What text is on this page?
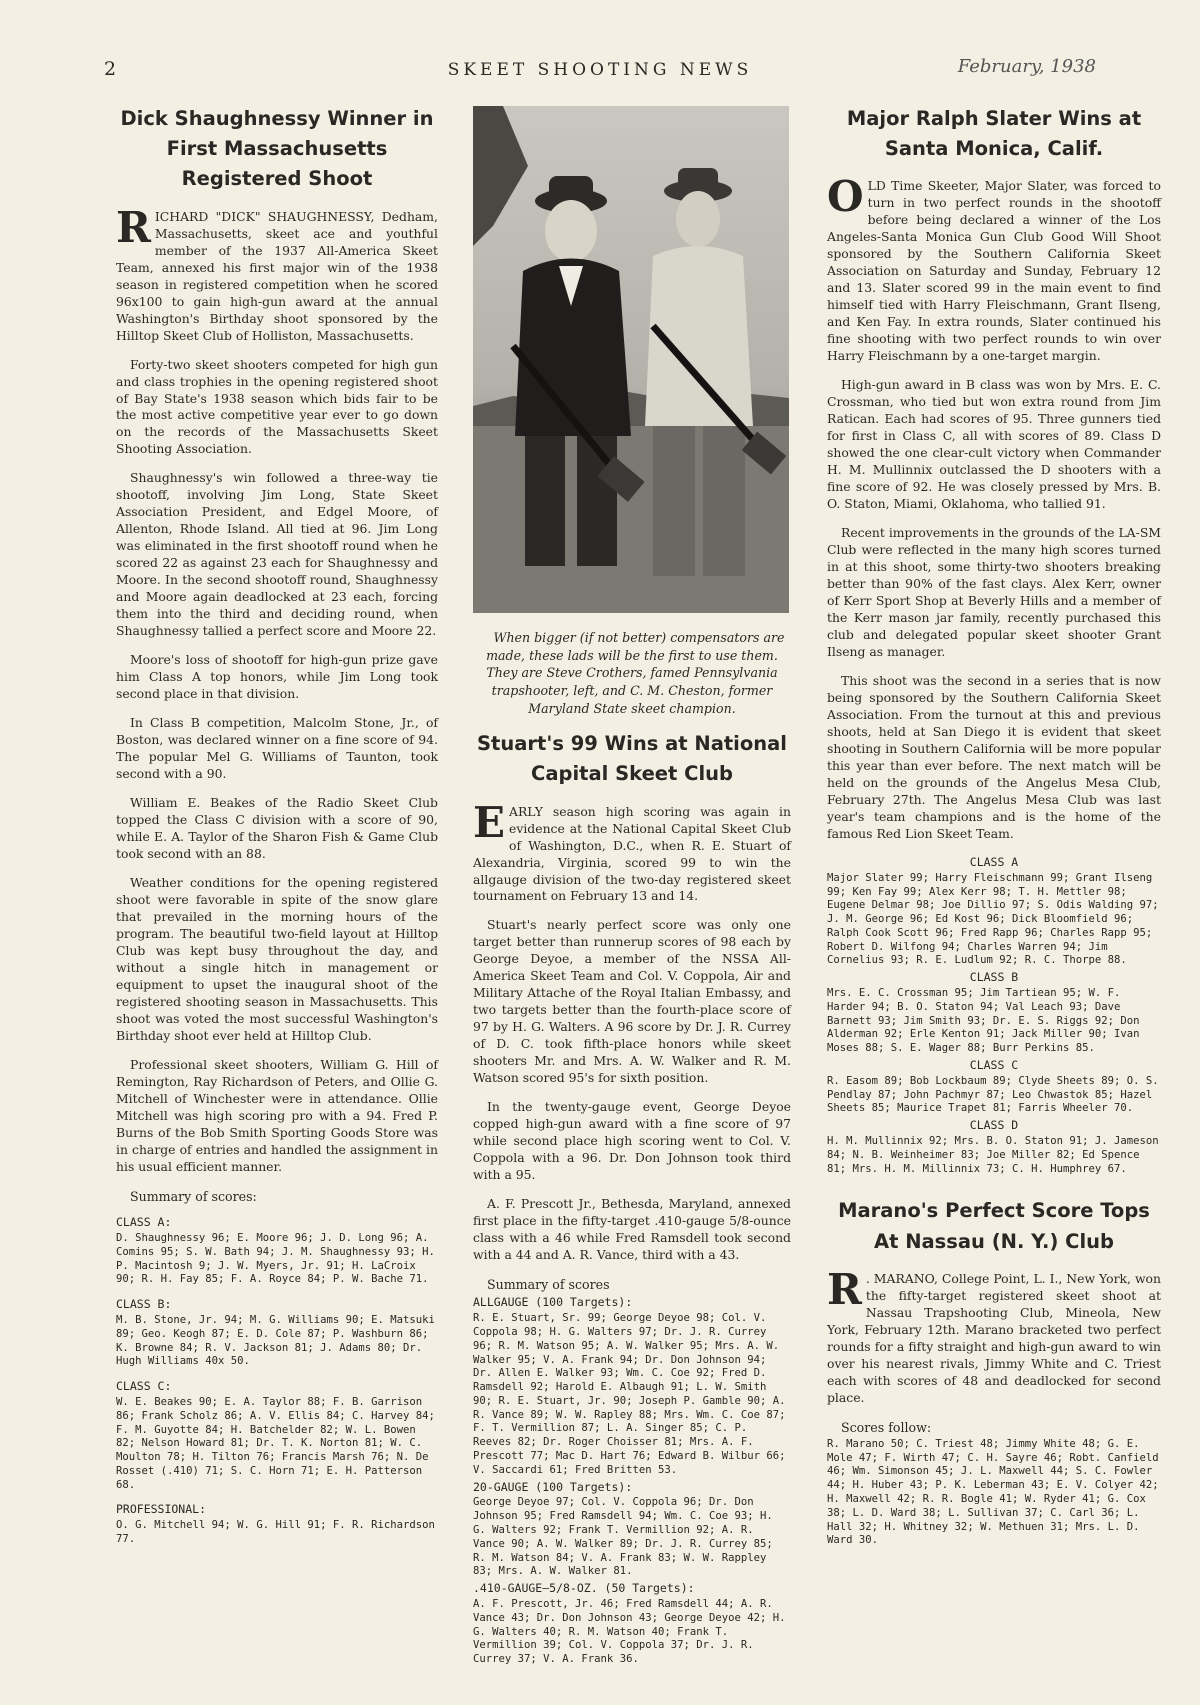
2	SKEET SHOOTING NEWS	February, 1938
Dick Shaughnessy Winner in First Massachusetts Registered Shoot

RICHARD "DICK" SHAUGHNESSY, Dedham, Massachusetts, skeet ace and youthful member of the 1937 All-America Skeet Team, annexed his first major win of the 1938 season in registered competition when he scored 96x100 to gain high-gun award at the annual Washington's Birthday shoot sponsored by the Hilltop Skeet Club of Holliston, Massachusetts.

Forty-two skeet shooters competed for high gun and class trophies in the opening registered shoot of Bay State's 1938 season which bids fair to be the most active competitive year ever to go down on the records of the Massachusetts Skeet Shooting Association.

Shaughnessy's win followed a three-way tie shootoff, involving Jim Long, State Skeet Association President, and Edgel Moore, of Allenton, Rhode Island. All tied at 96. Jim Long was eliminated in the first shootoff round when he scored 22 as against 23 each for Shaughnessy and Moore. In the second shootoff round, Shaughnessy and Moore again deadlocked at 23 each, forcing them into the third and deciding round, when Shaughnessy tallied a perfect score and Moore 22.

Moore's loss of shootoff for high-gun prize gave him Class A top honors, while Jim Long took second place in that division.

In Class B competition, Malcolm Stone, Jr., of Boston, was declared winner on a fine score of 94. The popular Mel G. Williams of Taunton, took second with a 90.

William E. Beakes of the Radio Skeet Club topped the Class C division with a score of 90, while E. A. Taylor of the Sharon Fish & Game Club took second with an 88.

Weather conditions for the opening registered shoot were favorable in spite of the snow glare that prevailed in the morning hours of the program. The beautiful two-field layout at Hilltop Club was kept busy throughout the day, and without a single hitch in management or equipment to upset the inaugural shoot of the registered shooting season in Massachusetts. This shoot was voted the most successful Washington's Birthday shoot ever held at Hilltop Club.

Professional skeet shooters, William G. Hill of Remington, Ray Richardson of Peters, and Ollie G. Mitchell of Winchester were in attendance. Ollie Mitchell was high scoring pro with a 94. Fred P. Burns of the Bob Smith Sporting Goods Store was in charge of entries and handled the assignment in his usual efficient manner.

Summary of scores:
CLASS A:
D. Shaughnessy 96; E. Moore 96; J. D. Long 96; A. Comins 95; S. W. Bath 94; J. M. Shaughnessy 93; H. P. Macintosh 9; J. W. Myers, Jr. 91; H. LaCroix 90; R. H. Fay 85; F. A. Royce 84; P. W. Bache 71.
CLASS B:
M. B. Stone, Jr. 94; M. G. Williams 90; E. Matsuki 89; Geo. Keogh 87; E. D. Cole 87; P. Washburn 86; K. Browne 84; R. V. Jackson 81; J. Adams 80; Dr. Hugh Williams 40x 50.
CLASS C:
W. E. Beakes 90; E. A. Taylor 88; F. B. Garrison 86; Frank Scholz 86; A. V. Ellis 84; C. Harvey 84; F. M. Guyotte 84; H. Batchelder 82; W. L. Bowen 82; Nelson Howard 81; Dr. T. K. Norton 81; W. C. Moulton 78; H. Tilton 76; Francis Marsh 76; N. De Rosset (.410) 71; S. C. Horn 71; E. H. Patterson 68.
PROFESSIONAL:
O. G. Mitchell 94; W. G. Hill 91; F. R. Richardson 77.

When bigger (if not better) compensators are made, these lads will be the first to use them. They are Steve Crothers, famed Pennsylvania trapshooter, left, and C. M. Cheston, former Maryland State skeet champion.

Stuart's 99 Wins at National Capital Skeet Club

EARLY season high scoring was again in evidence at the National Capital Skeet Club of Washington, D.C., when R. E. Stuart of Alexandria, Virginia, scored 99 to win the allgauge division of the two-day registered skeet tournament on February 13 and 14.

Stuart's nearly perfect score was only one target better than runnerup scores of 98 each by George Deyoe, a member of the NSSA All-America Skeet Team and Col. V. Coppola, Air and Military Attache of the Royal Italian Embassy, and two targets better than the fourth-place score of 97 by H. G. Walters. A 96 score by Dr. J. R. Currey of D. C. took fifth-place honors while skeet shooters Mr. and Mrs. A. W. Walker and R. M. Watson scored 95's for sixth position.

In the twenty-gauge event, George Deyoe copped high-gun award with a fine score of 97 while second place high scoring went to Col. V. Coppola with a 96. Dr. Don Johnson took third with a 95.

A. F. Prescott Jr., Bethesda, Maryland, annexed first place in the fifty-target .410-gauge 5/8-ounce class with a 46 while Fred Ramsdell took second with a 44 and A. R. Vance, third with a 43.

Summary of scores
ALLGAUGE (100 Targets):
R. E. Stuart, Sr. 99; George Deyoe 98; Col. V. Coppola 98; H. G. Walters 97; Dr. J. R. Currey 96; R. M. Watson 95; A. W. Walker 95; Mrs. A. W. Walker 95; V. A. Frank 94; Dr. Don Johnson 94; Dr. Allen E. Walker 93; Wm. C. Coe 92; Fred D. Ramsdell 92; Harold E. Albaugh 91; L. W. Smith 90; R. E. Stuart, Jr. 90; Joseph P. Gamble 90; A. R. Vance 89; W. W. Rapley 88; Mrs. Wm. C. Coe 87; F. T. Vermillion 87; L. A. Singer 85; C. P. Reeves 82; Dr. Roger Choisser 81; Mrs. A. F. Prescott 77; Mac D. Hart 76; Edward B. Wilbur 66; V. Saccardi 61; Fred Britten 53.
20-GAUGE (100 Targets):
George Deyoe 97; Col. V. Coppola 96; Dr. Don Johnson 95; Fred Ramsdell 94; Wm. C. Coe 93; H. G. Walters 92; Frank T. Vermillion 92; A. R. Vance 90; A. W. Walker 89; Dr. J. R. Currey 85; R. M. Watson 84; V. A. Frank 83; W. W. Rappley 83; Mrs. A. W. Walker 81.
.410-GAUGE—5/8-OZ. (50 Targets):
A. F. Prescott, Jr. 46; Fred Ramsdell 44; A. R. Vance 43; Dr. Don Johnson 43; George Deyoe 42; H. G. Walters 40; R. M. Watson 40; Frank T. Vermillion 39; Col. V. Coppola 37; Dr. J. R. Currey 37; V. A. Frank 36.
Major Ralph Slater Wins at Santa Monica, Calif.

OLD Time Skeeter, Major Slater, was forced to turn in two perfect rounds in the shootoff before being declared a winner of the Los Angeles-Santa Monica Gun Club Good Will Shoot sponsored by the Southern California Skeet Association on Saturday and Sunday, February 12 and 13. Slater scored 99 in the main event to find himself tied with Harry Fleischmann, Grant Ilseng, and Ken Fay. In extra rounds, Slater continued his fine shooting with two perfect rounds to win over Harry Fleischmann by a one-target margin.

High-gun award in B class was won by Mrs. E. C. Crossman, who tied but won extra round from Jim Ratican. Each had scores of 95. Three gunners tied for first in Class C, all with scores of 89. Class D showed the one clear-cult victory when Commander H. M. Mullinnix outclassed the D shooters with a fine score of 92. He was closely pressed by Mrs. B. O. Staton, Miami, Oklahoma, who tallied 91.

Recent improvements in the grounds of the LA-SM Club were reflected in the many high scores turned in at this shoot, some thirty-two shooters breaking better than 90% of the fast clays. Alex Kerr, owner of Kerr Sport Shop at Beverly Hills and a member of the Kerr mason jar family, recently purchased this club and delegated popular skeet shooter Grant Ilseng as manager.

This shoot was the second in a series that is now being sponsored by the Southern California Skeet Association. From the turnout at this and previous shoots, held at San Diego it is evident that skeet shooting in Southern California will be more popular this year than ever before. The next match will be held on the grounds of the Angelus Mesa Club, February 27th. The Angelus Mesa Club was last year's team champions and is the home of the famous Red Lion Skeet Team.

CLASS A
Major Slater 99; Harry Fleischmann 99; Grant Ilseng 99; Ken Fay 99; Alex Kerr 98; T. H. Mettler 98; Eugene Delmar 98; Joe Dillio 97; S. Odis Walding 97; J. M. George 96; Ed Kost 96; Dick Bloomfield 96; Ralph Cook Scott 96; Fred Rapp 96; Charles Rapp 95; Robert D. Wilfong 94; Charles Warren 94; Jim Cornelius 93; R. E. Ludlum 92; R. C. Thorpe 88.
CLASS B
Mrs. E. C. Crossman 95; Jim Tartiean 95; W. F. Harder 94; B. O. Staton 94; Val Leach 93; Dave Barnett 93; Jim Smith 93; Dr. E. S. Riggs 92; Don Alderman 92; Erle Kenton 91; Jack Miller 90; Ivan Moses 88; S. E. Wager 88; Burr Perkins 85.
CLASS C
R. Easom 89; Bob Lockbaum 89; Clyde Sheets 89; O. S. Pendlay 87; John Pachmyr 87; Leo Chwastok 85; Hazel Sheets 85; Maurice Trapet 81; Farris Wheeler 70.
CLASS D
H. M. Mullinnix 92; Mrs. B. O. Staton 91; J. Jameson 84; N. B. Weinheimer 83; Joe Miller 82; Ed Spence 81; Mrs. H. M. Millinnix 73; C. H. Humphrey 67.
Marano's Perfect Score Tops At Nassau (N. Y.) Club

R . MARANO, College Point, L. I., New York, won the fifty-target registered skeet shoot at Nassau Trapshooting Club, Mineola, New York, February 12th. Marano bracketed two perfect rounds for a fifty straight and high-gun award to win over his nearest rivals, Jimmy White and C. Triest each with scores of 48 and deadlocked for second place.

Scores follow:
R. Marano 50; C. Triest 48; Jimmy White 48; G. E. Mole 47; F. Wirth 47; C. H. Sayre 46; Robt. Canfield 46; Wm. Simonson 45; J. L. Maxwell 44; S. C. Fowler 44; H. Huber 43; P. K. Leberman 43; E. V. Colyer 42; H. Maxwell 42; R. R. Bogle 41; W. Ryder 41; G. Cox 38; L. D. Ward 38; L. Sullivan 37; C. Carl 36; L. Hall 32; H. Whitney 32; W. Methuen 31; Mrs. L. D. Ward 30.
